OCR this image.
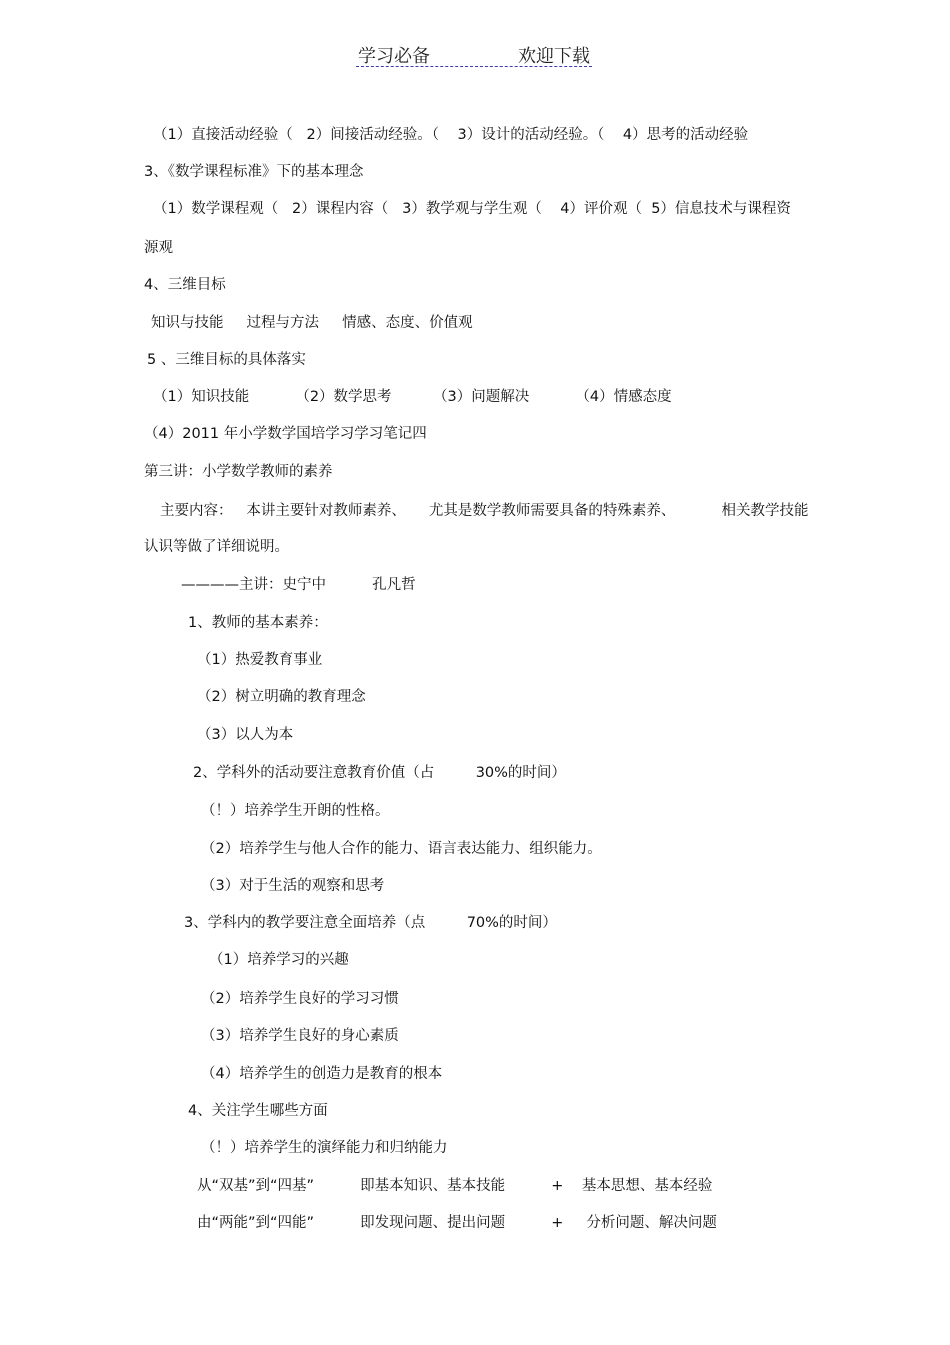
学习必备	欢迎下载
（1）直接活动经验（   2）间接活动经验。（    3）设计的活动经验。（    4）思考的活动经验
3、《数学课程标准》下的基本理念
（1）数学课程观（   2）课程内容（   3）教学观与学生观（    4）评价观（  5）信息技术与课程资
源观
4、三维目标
知识与技能     过程与方法     情感、态度、价值观
5 、三维目标的具体落实
（1）知识技能          （2）数学思考         （3）问题解决          （4）情感态度
（4）2011 年小学数学国培学习学习笔记四
第三讲：小学数学教师的素养
主要内容：   本讲主要针对教师素养、     尤其是数学教师需要具备的特殊素养、          相关教学技能
认识等做了详细说明。
————主讲：史宁中          孔凡哲
1、教师的基本素养：
（1）热爱教育事业
（2）树立明确的教育理念
（3）以人为本
2、学科外的活动要注意教育价值（占         30%的时间）
（！）培养学生开朗的性格。
（2）培养学生与他人合作的能力、语言表达能力、组织能力。
（3）对于生活的观察和思考
3、学科内的教学要注意全面培养（点         70%的时间）
（1）培养学习的兴趣
（2）培养学生良好的学习习惯
（3）培养学生良好的身心素质
（4）培养学生的创造力是教育的根本
4、关注学生哪些方面
（！）培养学生的演绎能力和归纳能力
从“双基”到“四基”          即基本知识、基本技能          +    基本思想、基本经验
由“两能”到“四能”          即发现问题、提出问题          +     分析问题、解决问题
